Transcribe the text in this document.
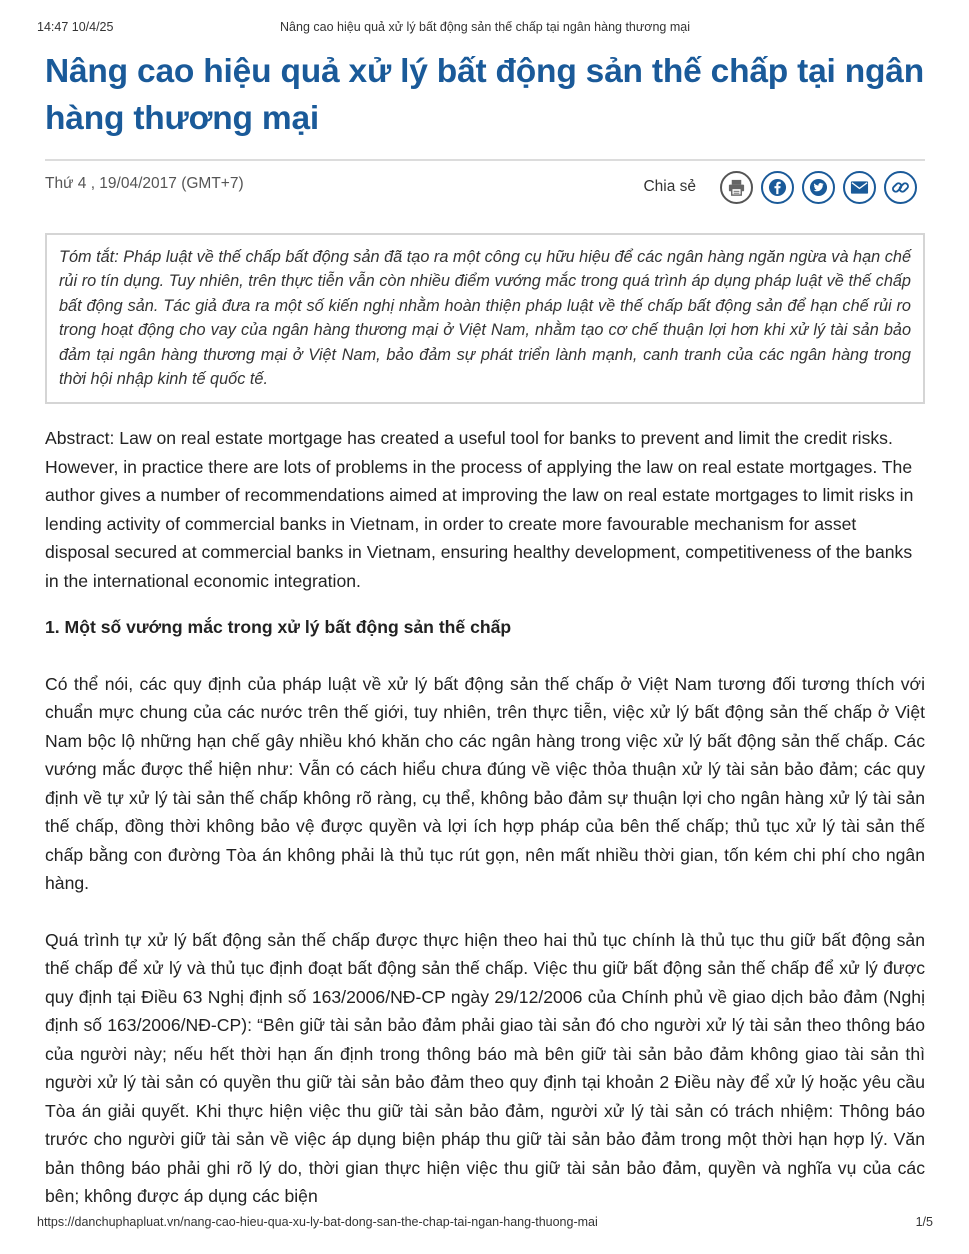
14:47 10/4/25	Nâng cao hiệu quả xử lý bất động sản thế chấp tại ngân hàng thương mại
Nâng cao hiệu quả xử lý bất động sản thế chấp tại ngân hàng thương mại
Thứ 4 , 19/04/2017 (GMT+7)	Chia sẻ
Tóm tắt: Pháp luật về thế chấp bất động sản đã tạo ra một công cụ hữu hiệu để các ngân hàng ngăn ngừa và hạn chế rủi ro tín dụng. Tuy nhiên, trên thực tiễn vẫn còn nhiều điểm vướng mắc trong quá trình áp dụng pháp luật về thế chấp bất động sản. Tác giả đưa ra một số kiến nghị nhằm hoàn thiện pháp luật về thế chấp bất động sản để hạn chế rủi ro trong hoạt động cho vay của ngân hàng thương mại ở Việt Nam, nhằm tạo cơ chế thuận lợi hơn khi xử lý tài sản bảo đảm tại ngân hàng thương mại ở Việt Nam, bảo đảm sự phát triển lành mạnh, canh tranh của các ngân hàng trong thời hội nhập kinh tế quốc tế.

Abstract: Law on real estate mortgage has created a useful tool for banks to prevent and limit the credit risks. However, in practice there are lots of problems in the process of applying the law on real estate mortgages. The author gives a number of recommendations aimed at improving the law on real estate mortgages to limit risks in lending activity of commercial banks in Vietnam, in order to create more favourable mechanism for asset disposal secured at commercial banks in Vietnam, ensuring healthy development, competitiveness of the banks in the international economic integration.

1. Một số vướng mắc trong xử lý bất động sản thế chấp

Có thể nói, các quy định của pháp luật về xử lý bất động sản thế chấp ở Việt Nam tương đối tương thích với chuẩn mực chung của các nước trên thế giới, tuy nhiên, trên thực tiễn, việc xử lý bất động sản thế chấp ở Việt Nam bộc lộ những hạn chế gây nhiều khó khăn cho các ngân hàng trong việc xử lý bất động sản thế chấp. Các vướng mắc được thể hiện như: Vẫn có cách hiểu chưa đúng về việc thỏa thuận xử lý tài sản bảo đảm; các quy định về tự xử lý tài sản thế chấp không rõ ràng, cụ thể, không bảo đảm sự thuận lợi cho ngân hàng xử lý tài sản thế chấp, đồng thời không bảo vệ được quyền và lợi ích hợp pháp của bên thế chấp; thủ tục xử lý tài sản thế chấp bằng con đường Tòa án không phải là thủ tục rút gọn, nên mất nhiều thời gian, tốn kém chi phí cho ngân hàng.

Quá trình tự xử lý bất động sản thế chấp được thực hiện theo hai thủ tục chính là thủ tục thu giữ bất động sản thế chấp để xử lý và thủ tục định đoạt bất động sản thế chấp. Việc thu giữ bất động sản thế chấp để xử lý được quy định tại Điều 63 Nghị định số 163/2006/NĐ-CP ngày 29/12/2006 của Chính phủ về giao dịch bảo đảm (Nghị định số 163/2006/NĐ-CP): “Bên giữ tài sản bảo đảm phải giao tài sản đó cho người xử lý tài sản theo thông báo của người này; nếu hết thời hạn ấn định trong thông báo mà bên giữ tài sản bảo đảm không giao tài sản thì người xử lý tài sản có quyền thu giữ tài sản bảo đảm theo quy định tại khoản 2 Điều này để xử lý hoặc yêu cầu Tòa án giải quyết. Khi thực hiện việc thu giữ tài sản bảo đảm, người xử lý tài sản có trách nhiệm: Thông báo trước cho người giữ tài sản về việc áp dụng biện pháp thu giữ tài sản bảo đảm trong một thời hạn hợp lý. Văn bản thông báo phải ghi rõ lý do, thời gian thực hiện việc thu giữ tài sản bảo đảm, quyền và nghĩa vụ của các bên; không được áp dụng các biện

https://danchuphapluat.vn/nang-cao-hieu-qua-xu-ly-bat-dong-san-the-chap-tai-ngan-hang-thuong-mai	1/5
